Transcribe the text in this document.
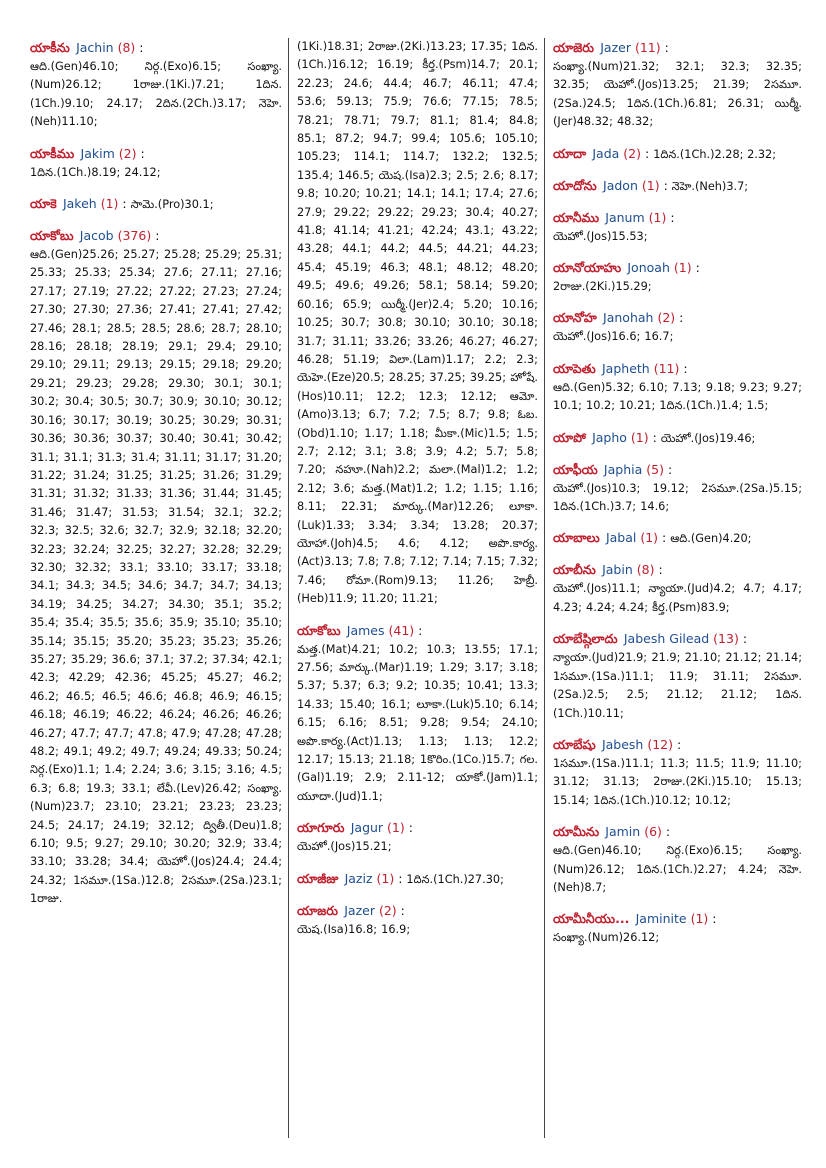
యాకీను  Jachin (8) :
ఆది.(Gen)46.10; నిర్గ.(Exo)6.15; సంఖ్యా.(Num)26.12; 1రాజు.(1Ki.)7.21; 1దిన.(1Ch.)9.10; 24.17; 2దిన.(2Ch.)3.17; నెహె.(Neh)11.10;
యాకీము  Jakim (2) :
1దిన.(1Ch.)8.19; 24.12;
యాకె  Jakeh (1) : సామె.(Pro)30.1;
యాకోబు  Jacob (376) :
ఆది.(Gen)25.26; 25.27; 25.28; 25.29; 25.31; 25.33; 25.33; 25.34; 27.6; 27.11; 27.16; 27.17; 27.19; 27.22; 27.22; 27.23; 27.24; 27.30; 27.30; 27.36; 27.41; 27.41; 27.42; 27.46; 28.1; 28.5; 28.5; 28.6; 28.7; 28.10; 28.16; 28.18; 28.19; 29.1; 29.4; 29.10; 29.10; 29.11; 29.13; 29.15; 29.18; 29.20; 29.21; 29.23; 29.28; 29.30; 30.1; 30.1; 30.2; 30.4; 30.5; 30.7; 30.9; 30.10; 30.12; 30.16; 30.17; 30.19; 30.25; 30.29; 30.31; 30.36; 30.36; 30.37; 30.40; 30.41; 30.42; 31.1; 31.1; 31.3; 31.4; 31.11; 31.17; 31.20; 31.22; 31.24; 31.25; 31.25; 31.26; 31.29; 31.31; 31.32; 31.33; 31.36; 31.44; 31.45; 31.46; 31.47; 31.53; 31.54; 32.1; 32.2; 32.3; 32.5; 32.6; 32.7; 32.9; 32.18; 32.20; 32.23; 32.24; 32.25; 32.27; 32.28; 32.29; 32.30; 32.32; 33.1; 33.10; 33.17; 33.18; 34.1; 34.3; 34.5; 34.6; 34.7; 34.7; 34.13; 34.19; 34.25; 34.27; 34.30; 35.1; 35.2; 35.4; 35.4; 35.5; 35.6; 35.9; 35.10; 35.10; 35.14; 35.15; 35.20; 35.23; 35.23; 35.26; 35.27; 35.29; 36.6; 37.1; 37.2; 37.34; 42.1; 42.3; 42.29; 42.36; 45.25; 45.27; 46.2; 46.2; 46.5; 46.5; 46.6; 46.8; 46.9; 46.15; 46.18; 46.19; 46.22; 46.24; 46.26; 46.26; 46.27; 47.7; 47.7; 47.8; 47.9; 47.28; 47.28; 48.2; 49.1; 49.2; 49.7; 49.24; 49.33; 50.24; నిర్గ.(Exo)1.1; 1.4; 2.24; 3.6; 3.15; 3.16; 4.5; 6.3; 6.8; 19.3; 33.1; లేవీ.(Lev)26.42; సంఖ్యా.(Num)23.7; 23.10; 23.21; 23.23; 23.23; 24.5; 24.17; 24.19; 32.12; ద్వితీ.(Deu)1.8; 6.10; 9.5; 9.27; 29.10; 30.20; 32.9; 33.4; 33.10; 33.28; 34.4; యెహో.(Jos)24.4; 24.4; 24.32; 1సమూ.(1Sa.)12.8; 2సమూ.(2Sa.)23.1; 1రాజు.
(1Ki.)18.31; 2రాజు.(2Ki.)13.23; 17.35; 1దిన.(1Ch.)16.12; 16.19; కీర్త.(Psm)14.7; 20.1; 22.23; 24.6; 44.4; 46.7; 46.11; 47.4; 53.6; 59.13; 75.9; 76.6; 77.15; 78.5; 78.21; 78.71; 79.7; 81.1; 81.4; 84.8; 85.1; 87.2; 94.7; 99.4; 105.6; 105.10; 105.23; 114.1; 114.7; 132.2; 132.5; 135.4; 146.5; యెష.(Isa)2.3; 2.5; 2.6; 8.17; 9.8; 10.20; 10.21; 14.1; 14.1; 17.4; 27.6; 27.9; 29.22; 29.22; 29.23; 30.4; 40.27; 41.8; 41.14; 41.21; 42.24; 43.1; 43.22; 43.28; 44.1; 44.2; 44.5; 44.21; 44.23; 45.4; 45.19; 46.3; 48.1; 48.12; 48.20; 49.5; 49.6; 49.26; 58.1; 58.14; 59.20; 60.16; 65.9; యిర్మీ.(Jer)2.4; 5.20; 10.16; 10.25; 30.7; 30.8; 30.10; 30.10; 30.18; 31.7; 31.11; 33.26; 33.26; 46.27; 46.27; 46.28; 51.19; విలా.(Lam)1.17; 2.2; 2.3; యెహె.(Eze)20.5; 28.25; 37.25; 39.25; హోషే.(Hos)10.11; 12.2; 12.3; 12.12; ఆమో.(Amo)3.13; 6.7; 7.2; 7.5; 8.7; 9.8; ఓబ.(Obd)1.10; 1.17; 1.18; మీకా.(Mic)1.5; 1.5; 2.7; 2.12; 3.1; 3.8; 3.9; 4.2; 5.7; 5.8; 7.20; నహూ.(Nah)2.2; మలా.(Mal)1.2; 1.2; 2.12; 3.6; మత్త.(Mat)1.2; 1.2; 1.15; 1.16; 8.11; 22.31; మార్కు.(Mar)12.26; లూకా.(Luk)1.33; 3.34; 3.34; 13.28; 20.37; యోహా.(Joh)4.5; 4.6; 4.12; అపొ.కార్య.(Act)3.13; 7.8; 7.8; 7.12; 7.14; 7.15; 7.32; 7.46; రోమా.(Rom)9.13; 11.26; హెబ్రీ.(Heb)11.9; 11.20; 11.21;
యాకోబు  James (41) :
మత్త.(Mat)4.21; 10.2; 10.3; 13.55; 17.1; 27.56; మార్కు.(Mar)1.19; 1.29; 3.17; 3.18; 5.37; 5.37; 6.3; 9.2; 10.35; 10.41; 13.3; 14.33; 15.40; 16.1; లూకా.(Luk)5.10; 6.14; 6.15; 6.16; 8.51; 9.28; 9.54; 24.10; అపొ.కార్య.(Act)1.13; 1.13; 1.13; 12.2; 12.17; 15.13; 21.18; 1కొరిం.(1Co.)15.7; గల.(Gal)1.19; 2.9; 2.11-12; యాకో.(Jam)1.1; యూదా.(Jud)1.1;
యాగూరు  Jagur (1) :
యెహో.(Jos)15.21;
యాజీజు  Jaziz (1) : 1దిన.(1Ch.)27.30;
యాజరు  Jazer (2) :
యెష.(Isa)16.8; 16.9;
యాజెరు  Jazer (11) :
సంఖ్యా.(Num)21.32; 32.1; 32.3; 32.35; 32.35; యెహో.(Jos)13.25; 21.39; 2సమూ.(2Sa.)24.5; 1దిన.(1Ch.)6.81; 26.31; యిర్మీ.(Jer)48.32; 48.32;
యాదా  Jada (2) : 1దిన.(1Ch.)2.28; 2.32;
యాదోను  Jadon (1) : నెహె.(Neh)3.7;
యానీము  Janum (1) :
యెహో.(Jos)15.53;
యానోయాహు  Jonoah (1) :
2రాజు.(2Ki.)15.29;
యానోహ  Janohah (2) :
యెహో.(Jos)16.6; 16.7;
యాపెతు  Japheth (11) :
ఆది.(Gen)5.32; 6.10; 7.13; 9.18; 9.23; 9.27; 10.1; 10.2; 10.21; 1దిన.(1Ch.)1.4; 1.5;
యాపో  Japho (1) : యెహో.(Jos)19.46;
యాఫీయ  Japhia (5) :
యెహో.(Jos)10.3; 19.12; 2సమూ.(2Sa.)5.15; 1దిన.(1Ch.)3.7; 14.6;
యాబాలు  Jabal (1) : ఆది.(Gen)4.20;
యాబీను  Jabin (8) :
యెహో.(Jos)11.1; న్యాయా.(Jud)4.2; 4.7; 4.17; 4.23; 4.24; 4.24; కీర్త.(Psm)83.9;
యాబేష్గిలాదు  Jabesh Gilead (13) :
న్యాయా.(Jud)21.9; 21.9; 21.10; 21.12; 21.14; 1సమూ.(1Sa.)11.1; 11.9; 31.11; 2సమూ.(2Sa.)2.5; 2.5; 21.12; 21.12; 1దిన.(1Ch.)10.11;
యాబేషు  Jabesh (12) :
1సమూ.(1Sa.)11.1; 11.3; 11.5; 11.9; 11.10; 31.12; 31.13; 2రాజు.(2Ki.)15.10; 15.13; 15.14; 1దిన.(1Ch.)10.12; 10.12;
యామీను  Jamin (6) :
ఆది.(Gen)46.10; నిర్గ.(Exo)6.15; సంఖ్యా.(Num)26.12; 1దిన.(1Ch.)2.27; 4.24; నెహె.(Neh)8.7;
యామీనీయు...  Jaminite (1) :
సంఖ్యా.(Num)26.12;
